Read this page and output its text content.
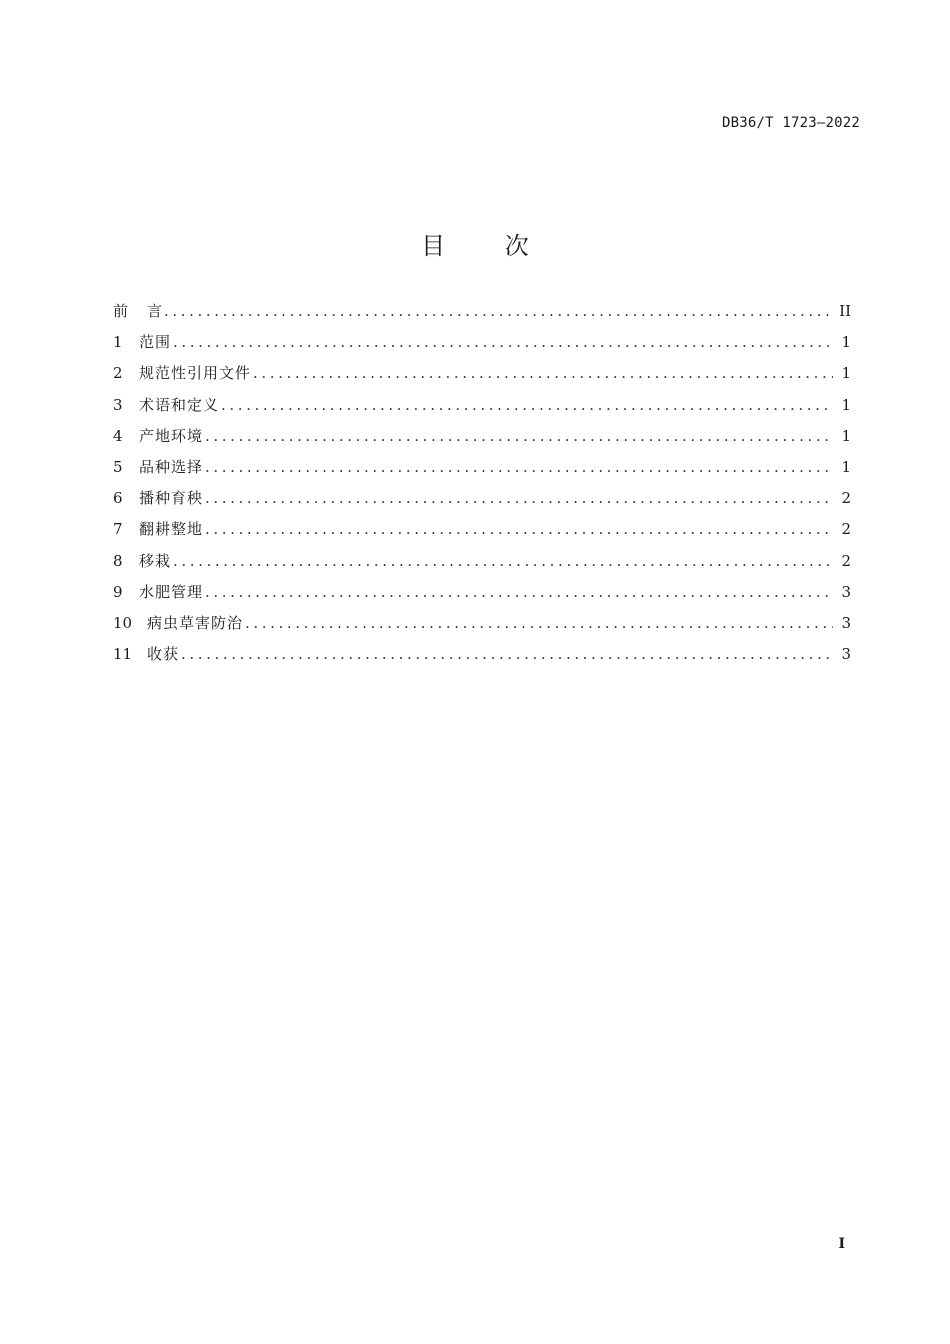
DB36/T 1723—2022
目 次
前言 .....	II
1	范围 .....	1
2	规范性引用文件 .....	1
3	术语和定义 .....	1
4	产地环境 .....	1
5	品种选择 .....	1
6	播种育秧 .....	2
7	翻耕整地 .....	2
8	移栽 .....	2
9	水肥管理 .....	3
10 病虫草害防治 .....	3
11 收获 .....	3
I
